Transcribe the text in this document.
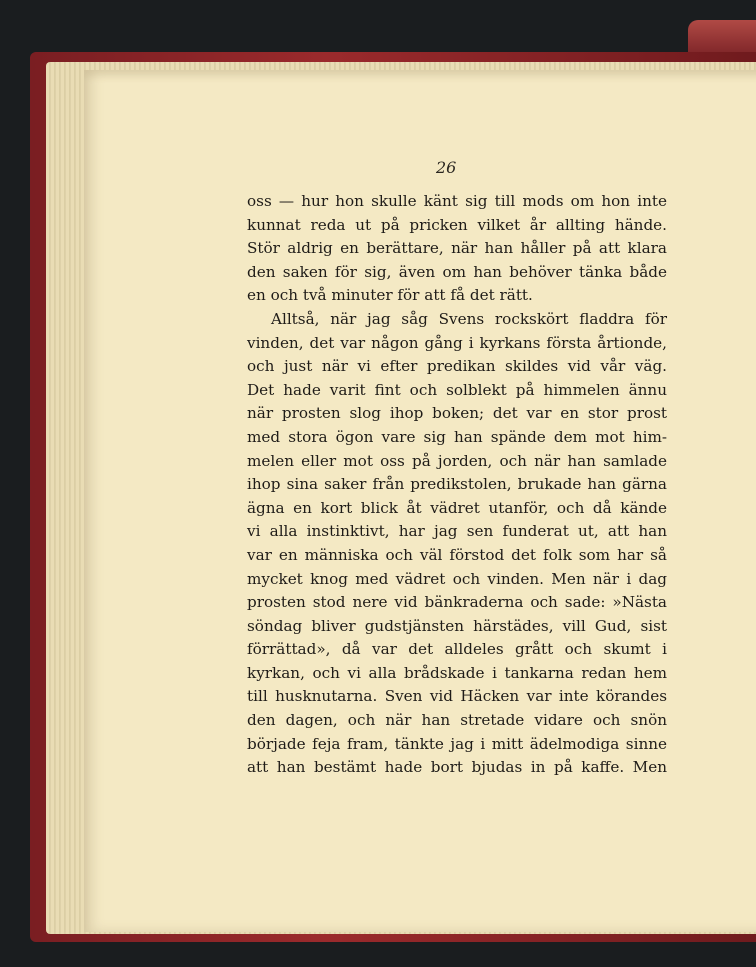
26
oss — hur hon skulle känt sig till mods om hon inte
kunnat reda ut på pricken vilket år allting hände.
Stör aldrig en berättare, när han håller på att klara
den saken för sig, även om han behöver tänka både
en och två minuter för att få det rätt.
Alltså, när jag såg Svens rockskört fladdra för
vinden, det var någon gång i kyrkans första årtionde,
och just när vi efter predikan skildes vid vår väg.
Det hade varit fint och solblekt på himmelen ännu
när prosten slog ihop boken; det var en stor prost
med stora ögon vare sig han spände dem mot him-
melen eller mot oss på jorden, och när han samlade
ihop sina saker från predikstolen, brukade han gärna
ägna en kort blick åt vädret utanför, och då kände
vi alla instinktivt, har jag sen funderat ut, att han
var en människa och väl förstod det folk som har så
mycket knog med vädret och vinden. Men när i dag
prosten stod nere vid bänkraderna och sade: »Nästa
söndag bliver gudstjänsten härstädes, vill Gud, sist
förrättad», då var det alldeles grått och skumt i
kyrkan, och vi alla brådskade i tankarna redan hem
till husknutarna. Sven vid Häcken var inte körandes
den dagen, och när han stretade vidare och snön
började feja fram, tänkte jag i mitt ädelmodiga sinne
att han bestämt hade bort bjudas in på kaffe. Men
